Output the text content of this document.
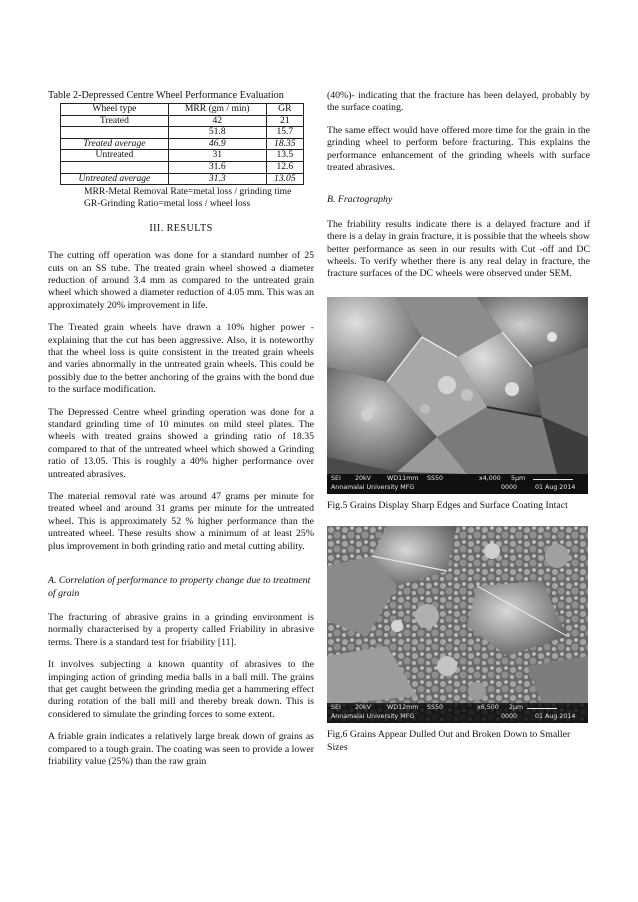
Table 2-Depressed Centre Wheel Performance Evaluation
Wheel type	MRR (gm / min)	GR
Treated	42	21
	51.8	15.7
Treated average	46.9	18.35
Untreated	31	13.5
	31.6	12.6
Untreated average	31.3	13.05
MRR-Metal Removal Rate=metal loss / grinding time
GR-Grinding Ratio=metal loss / wheel loss
III. RESULTS

The cutting off operation was done for a standard number of 25 cuts on an SS tube. The treated grain wheel showed a diameter reduction of around 3.4 mm as compared to the untreated grain wheel which showed a diameter reduction of 4.05 mm. This was an approximately 20% improvement in life.

The Treated grain wheels have drawn a 10% higher power - explaining that the cut has been aggressive. Also, it is noteworthy that the wheel loss is quite consistent in the treated grain wheels and varies abnormally in the untreated grain wheels. This could be possibly due to the better anchoring of the grains with the bond due to the surface modification.

The Depressed Centre wheel grinding operation was done for a standard grinding time of 10 minutes on mild steel plates. The wheels with treated grains showed a grinding ratio of 18.35 compared to that of the untreated wheel which showed a Grinding ratio of 13.05. This is roughly a 40% higher performance over untreated abrasives.

The material removal rate was around 47 grams per minute for treated wheel and around 31 grams per minute for the untreated wheel. This is approximately 52 % higher performance than the untreated wheel. These results show a minimum of at least 25% plus improvement in both grinding ratio and metal cutting ability.

A. Correlation of performance to property change due to treatment of grain

The fracturing of abrasive grains in a grinding environment is normally characterised by a property called Friability in abrasive terms. There is a standard test for friability [11].

It involves subjecting a known quantity of abrasives to the impinging action of grinding media balls in a ball mill. The grains that get caught between the grinding media get a hammering effect during rotation of the ball mill and thereby break down. This is considered to simulate the grinding forces to some extent.

A friable grain indicates a relatively large break down of grains as compared to a tough grain. The coating was seen to provide a lower friability value (25%) than the raw grain

(40%)- indicating that the fracture has been delayed, probably by the surface coating.

The same effect would have offered more time for the grain in the grinding wheel to perform before fracturing. This explains the performance enhancement of the grinding wheels with surface treated abrasives.

B. Fractography

The friability results indicate there is a delayed fracture and if there is a delay in grain fracture, it is possible that the wheels show better performance as seen in our results with Cut -off and DC wheels. To verify whether there is any real delay in fracture, the fracture surfaces of the DC wheels were observed under SEM.

SEI 20kV	WD11mm SS50	x4,000 5μm
Annamalai University MFG	0000	01 Aug 2014
Fig.5 Grains Display Sharp Edges and Surface Coating Intact
SEI 20kV	WD12mm SS50	x6,500 2μm
Annamalai University MFG	0000	01 Aug 2014
Fig.6 Grains Appear Dulled Out and Broken Down to Smaller Sizes
